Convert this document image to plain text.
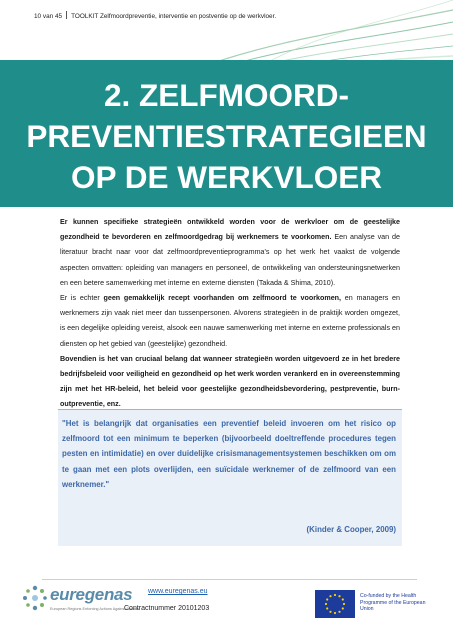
10 van 45 TOOLKIT Zelfmoordpreventie, interventie en postventie op de werkvloer.
2. ZELFMOORD-
PREVENTIESTRATEGIEEN
OP DE WERKVLOER

Er kunnen specifieke strategieën ontwikkeld worden voor de werkvloer om de geestelijke gezondheid te bevorderen en zelfmoordgedrag bij werknemers te voorkomen. Een analyse van de literatuur bracht naar voor dat zelfmoordpreventieprogramma's op het werk het vaakst de volgende aspecten omvatten: opleiding van managers en personeel, de ontwikkeling van ondersteuningsnetwerken en een betere samenwerking met interne en externe diensten (Takada & Shima, 2010).

Er is echter geen gemakkelijk recept voorhanden om zelfmoord te voorkomen, en managers en werknemers zijn vaak niet meer dan tussenpersonen. Alvorens strategieën in de praktijk worden omgezet, is een degelijke opleiding vereist, alsook een nauwe samenwerking met interne en externe professionals en diensten op het gebied van (geestelijke) gezondheid.

Bovendien is het van cruciaal belang dat wanneer strategieën worden uitgevoerd ze in het bredere bedrijfsbeleid voor veiligheid en gezondheid op het werk worden verankerd en in overeenstemming zijn met het HR-beleid, het beleid voor geestelijke gezondheidsbevordering, pestpreventie, burn-outpreventie, enz.

"Het is belangrijk dat organisaties een preventief beleid invoeren om het risico op zelfmoord tot een minimum te beperken (bijvoorbeeld doeltreffende procedures tegen pesten en intimidatie) en over duidelijke crisismanagementsystemen beschikken om om te gaan met een plots overlijden, een suïcidale werknemer of de zelfmoord van een werknemer."
(Kinder & Cooper, 2009)
euregenas
European Regions Enforcing Actions Against Suicide
www.euregenas.eu
Contractnummer 20101203
Co-funded by the Health Programme of the European Union
